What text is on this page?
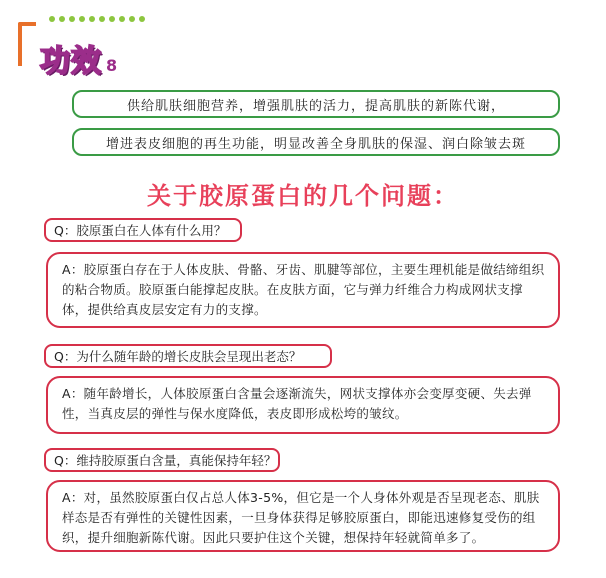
功效 8
供给肌肤细胞营养，增强肌肤的活力，提高肌肤的新陈代谢，
增进表皮细胞的再生功能，明显改善全身肌肤的保湿、润白除皱去斑
关于胶原蛋白的几个问题：
Q：胶原蛋白在人体有什么用？
A：胶原蛋白存在于人体皮肤、骨骼、牙齿、肌腱等部位，主要生理机能是做结缔组织的粘合物质。胶原蛋白能撑起皮肤。在皮肤方面，它与弹力纤维合力构成网状支撑体，提供给真皮层安定有力的支撑。
Q：为什么随年龄的增长皮肤会呈现出老态？
A：随年龄增长，人体胶原蛋白含量会逐渐流失，网状支撑体亦会变厚变硬、失去弹性，当真皮层的弹性与保水度降低，表皮即形成松垮的皱纹。
Q：维持胶原蛋白含量，真能保持年轻？
A：对，虽然胶原蛋白仅占总人体3-5%，但它是一个人身体外观是否呈现老态、肌肤样态是否有弹性的关键性因素，一旦身体获得足够胶原蛋白，即能迅速修复受伤的组织，提升细胞新陈代谢。因此只要护住这个关键，想保持年轻就简单多了。
